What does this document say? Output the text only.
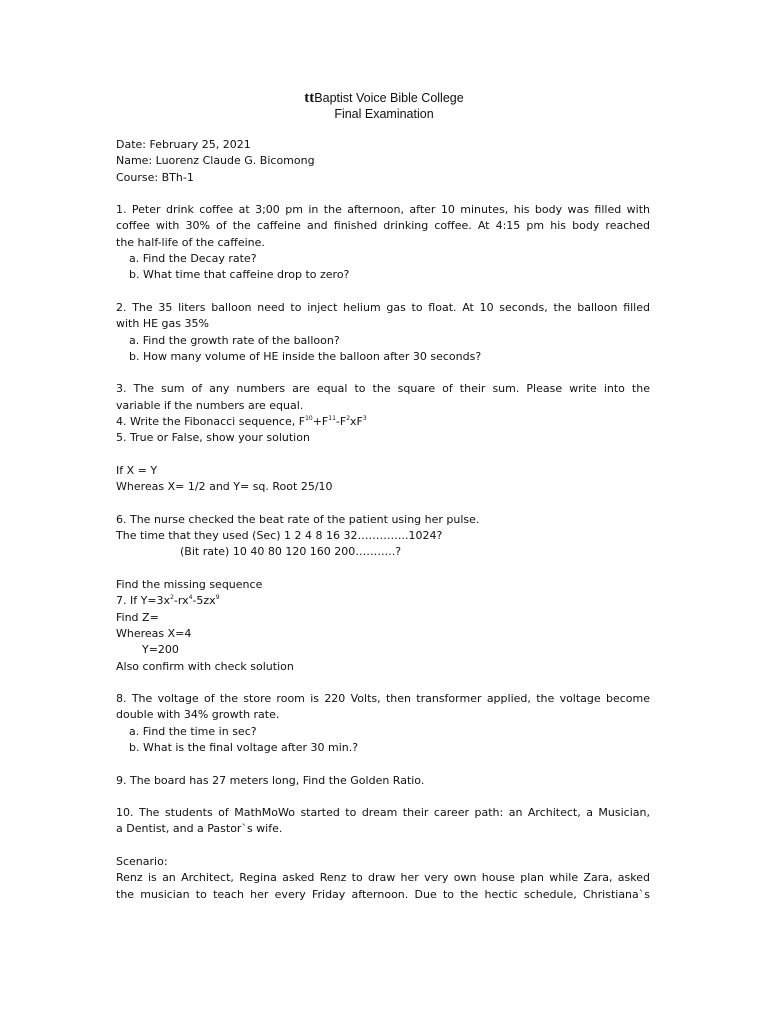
ttBaptist Voice Bible College
Final Examination
Date: February 25, 2021
Name: Luorenz Claude G. Bicomong
Course: BTh-1
1. Peter drink coffee at 3;00 pm in the afternoon, after 10 minutes, his body was filled with
coffee with 30% of the caffeine and finished drinking coffee. At 4:15 pm his body reached
the half-life of the caffeine.
a. Find the Decay rate?
b. What time that caffeine drop to zero?
2. The 35 liters balloon need to inject helium gas to float. At 10 seconds, the balloon filled
with HE gas 35%
a. Find the growth rate of the balloon?
b. How many volume of HE inside the balloon after 30 seconds?
3. The sum of any numbers are equal to the square of their sum. Please write into the
variable if the numbers are equal.
4. Write the Fibonacci sequence, $F^{10}+F^{11}-F^2xF^3$
5. True or False, show your solution
If X = Y
Whereas X= 1/2 and Y= sq. Root 25/10
6. The nurse checked the beat rate of the patient using her pulse.
The time that they used (Sec) 1 2 4 8 16 32…………..1024?
(Bit rate) 10 40 80 120 160 200………..?
Find the missing sequence
7. If $Y=3x^2-rx^4-5zx^9$
Find Z=
Whereas X=4
Y=200
Also confirm with check solution
8. The voltage of the store room is 220 Volts, then transformer applied, the voltage become
double with 34% growth rate.
a. Find the time in sec?
b. What is the final voltage after 30 min.?
9. The board has 27 meters long, Find the Golden Ratio.
10. The students of MathMoWo started to dream their career path: an Architect, a Musician,
a Dentist, and a Pastor`s wife.
Scenario:
Renz is an Architect, Regina asked Renz to draw her very own house plan while Zara, asked
the musician to teach her every Friday afternoon. Due to the hectic schedule, Christiana`s
